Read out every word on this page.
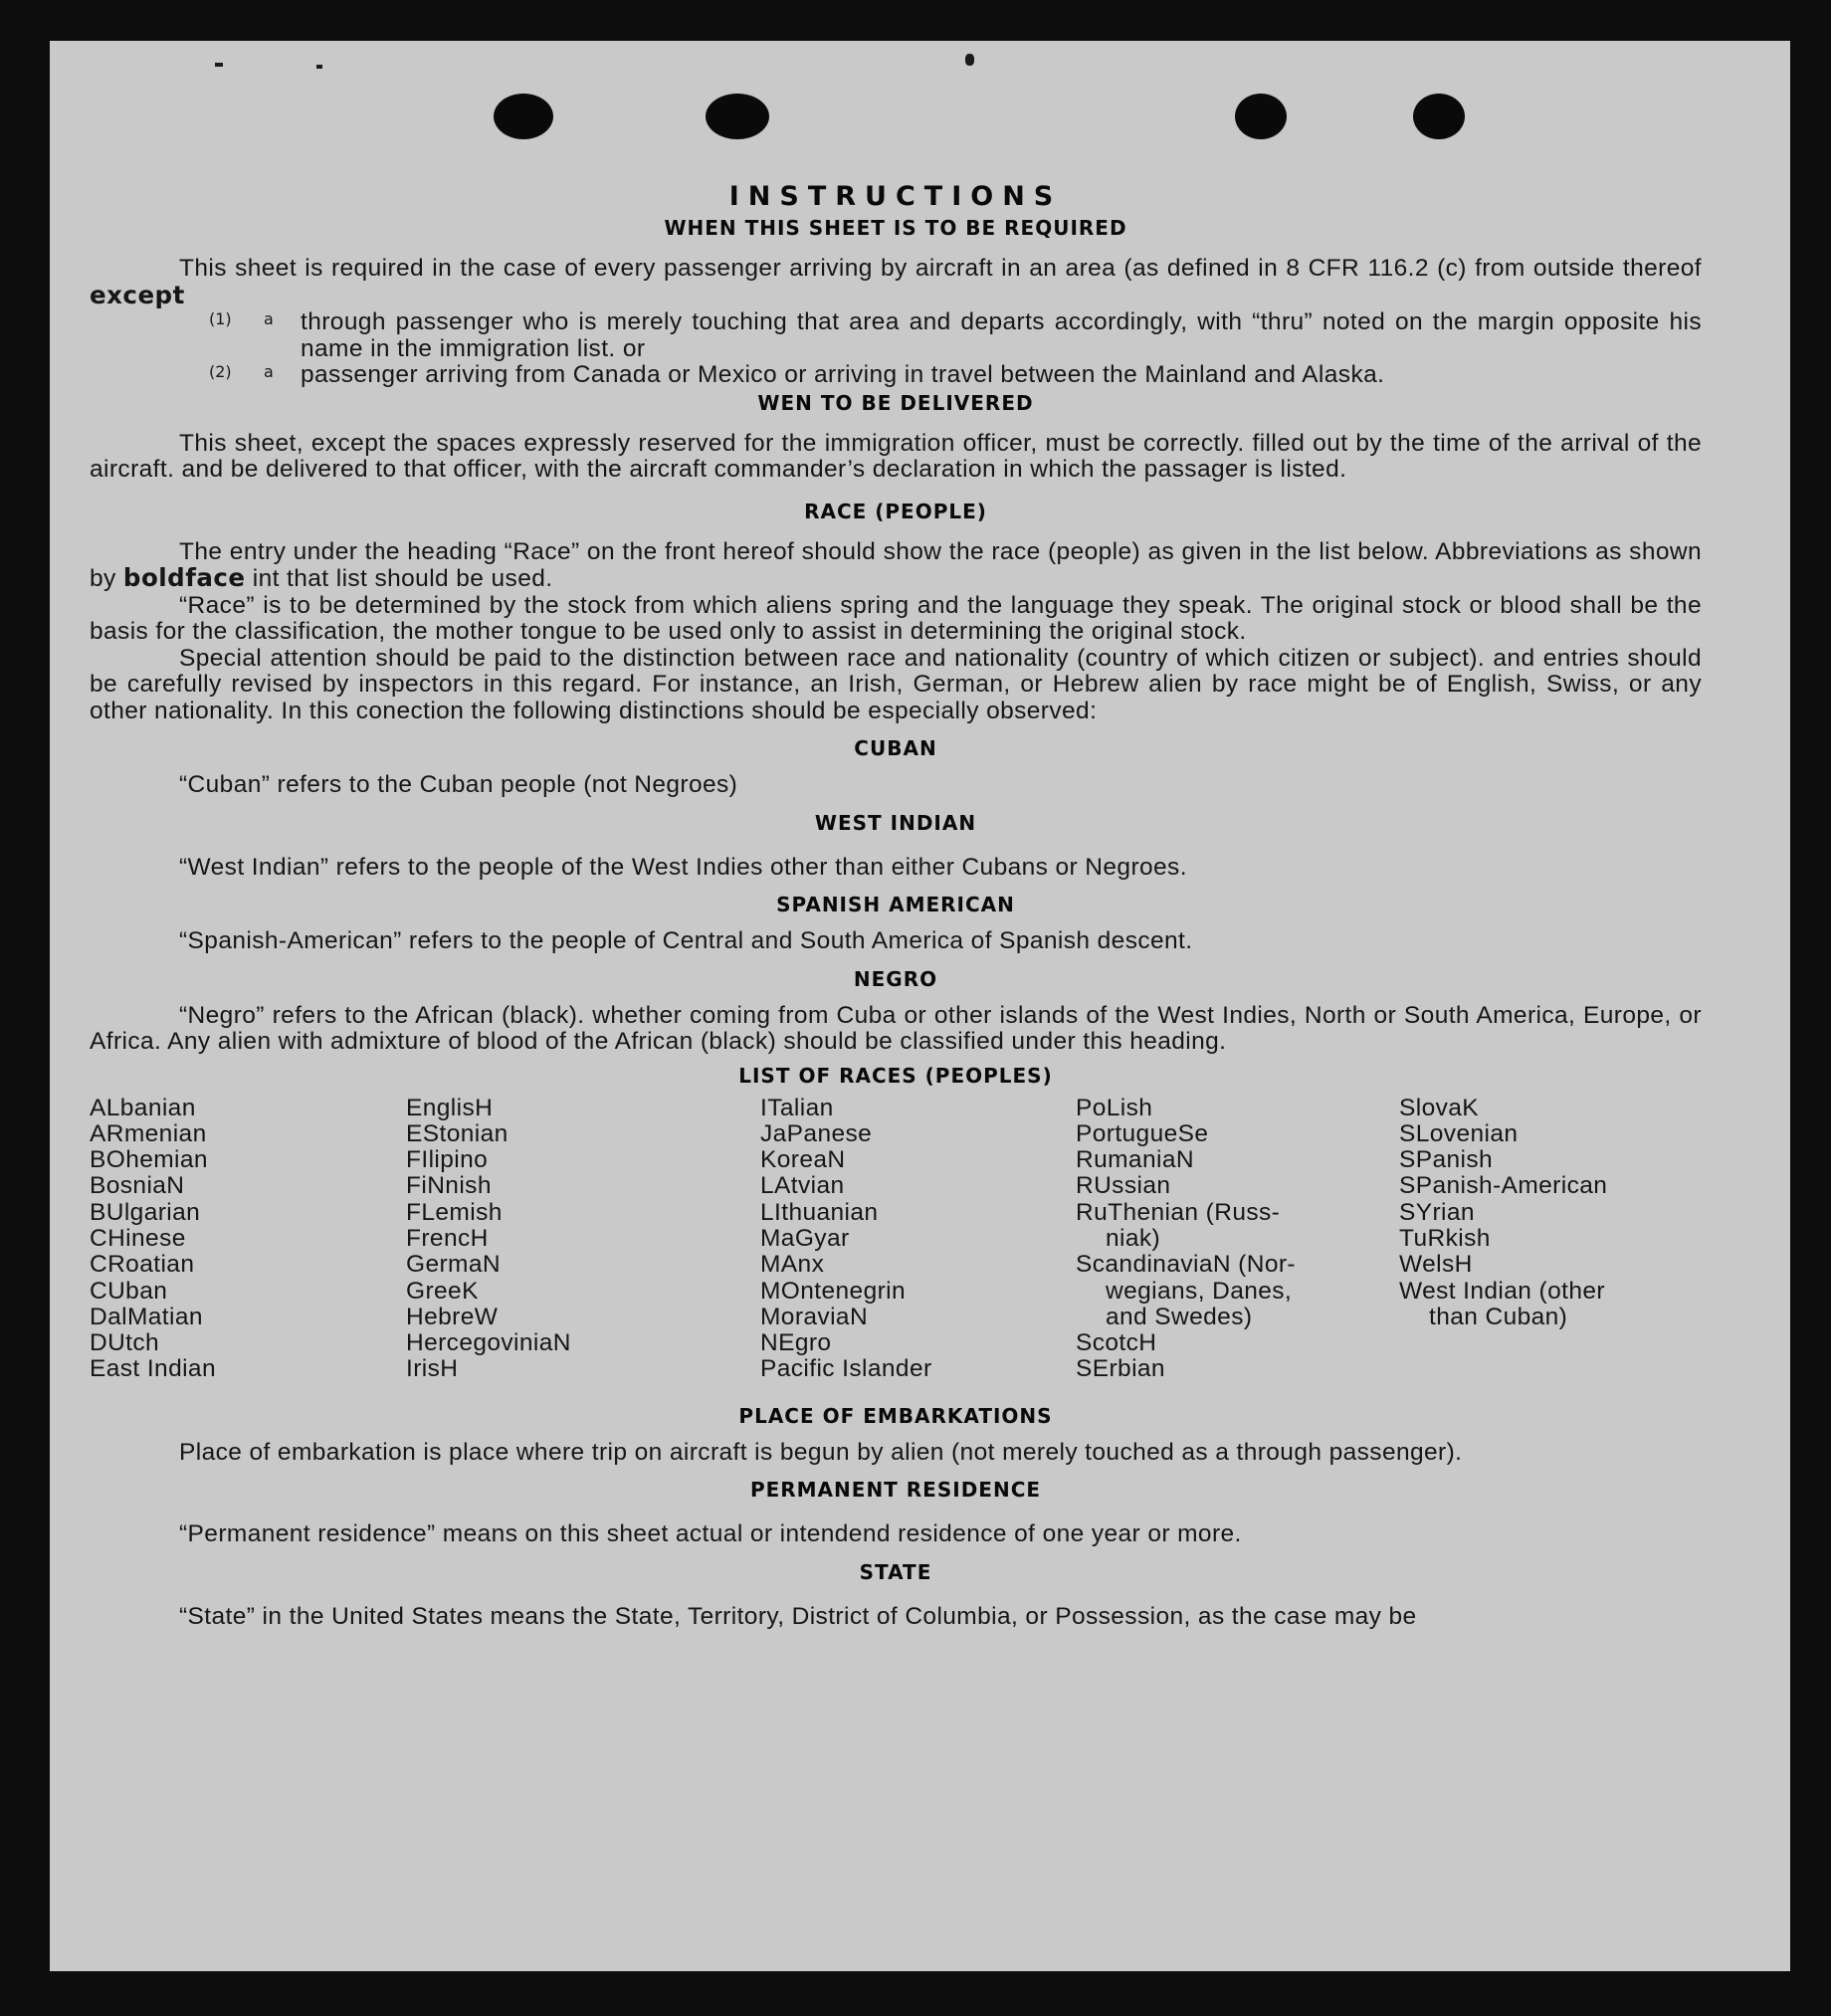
INSTRUCTIONS
WHEN THIS SHEET IS TO BE REQUIRED

This sheet is required in the case of every passenger arriving by aircraft in an area (as defined in 8 CFR 116.2 (c) from outside thereof except

(1) a through passenger who is merely touching that area and departs accordingly, with “thru” noted on the margin opposite his name in the immigration list. or

(2) a passenger arriving from Canada or Mexico or arriving in travel between the Mainland and Alaska.

WEN TO BE DELIVERED

This sheet, except the spaces expressly reserved for the immigration officer, must be correctly. filled out by the time of the arrival of the aircraft. and be delivered to that officer, with the aircraft commander’s declaration in which the passager is listed.

RACE (PEOPLE)

The entry under the heading “Race” on the front hereof should show the race (people) as given in the list below. Abbreviations as shown by boldface int that list should be used.

“Race” is to be determined by the stock from which aliens spring and the language they speak. The original stock or blood shall be the basis for the classification, the mother tongue to be used only to assist in determining the original stock.

Special attention should be paid to the distinction between race and nationality (country of which citizen or subject). and entries should be carefully revised by inspectors in this regard. For instance, an Irish, German, or Hebrew alien by race might be of English, Swiss, or any other nationality. In this conection the following distinctions should be especially observed:

CUBAN

“Cuban” refers to the Cuban people (not Negroes)

WEST INDIAN

“West Indian” refers to the people of the West Indies other than either Cubans or Negroes.

SPANISH AMERICAN

“Spanish-American” refers to the people of Central and South America of Spanish descent.

NEGRO

“Negro” refers to the African (black). whether coming from Cuba or other islands of the West Indies, North or South America, Europe, or Africa. Any alien with admixture of blood of the African (black) should be classified under this heading.

LIST OF RACES (PEOPLES)
ALbanian
ARmenian
BOhemian
BosniaN
BUlgarian
CHinese
CRoatian
CUban
DalMatian
DUtch
East Indian
EnglisH
EStonian
FIlipino
FiNnish
FLemish
FrencH
GermaN
GreeK
HebreW
HercegoviniaN
IrisH
ITalian
JaPanese
KoreaN
LAtvian
LIthuanian
MaGyar
MAnx
MOntenegrin
MoraviaN
NEgro
Pacific Islander
PoLish
PortugueSe
RumaniaN
RUssian
RuThenian (Russ-
niak)
ScandinaviaN (Nor-
wegians, Danes,
and Swedes)
ScotcH
SErbian
SlovaK
SLovenian
SPanish
SPanish-American
SYrian
TuRkish
WelsH
West Indian (other
than Cuban)
PLACE OF EMBARKATIONS

Place of embarkation is place where trip on aircraft is begun by alien (not merely touched as a through passenger).

PERMANENT RESIDENCE

“Permanent residence” means on this sheet actual or intendend residence of one year or more.

STATE

“State” in the United States means the State, Territory, District of Columbia, or Possession, as the case may be
